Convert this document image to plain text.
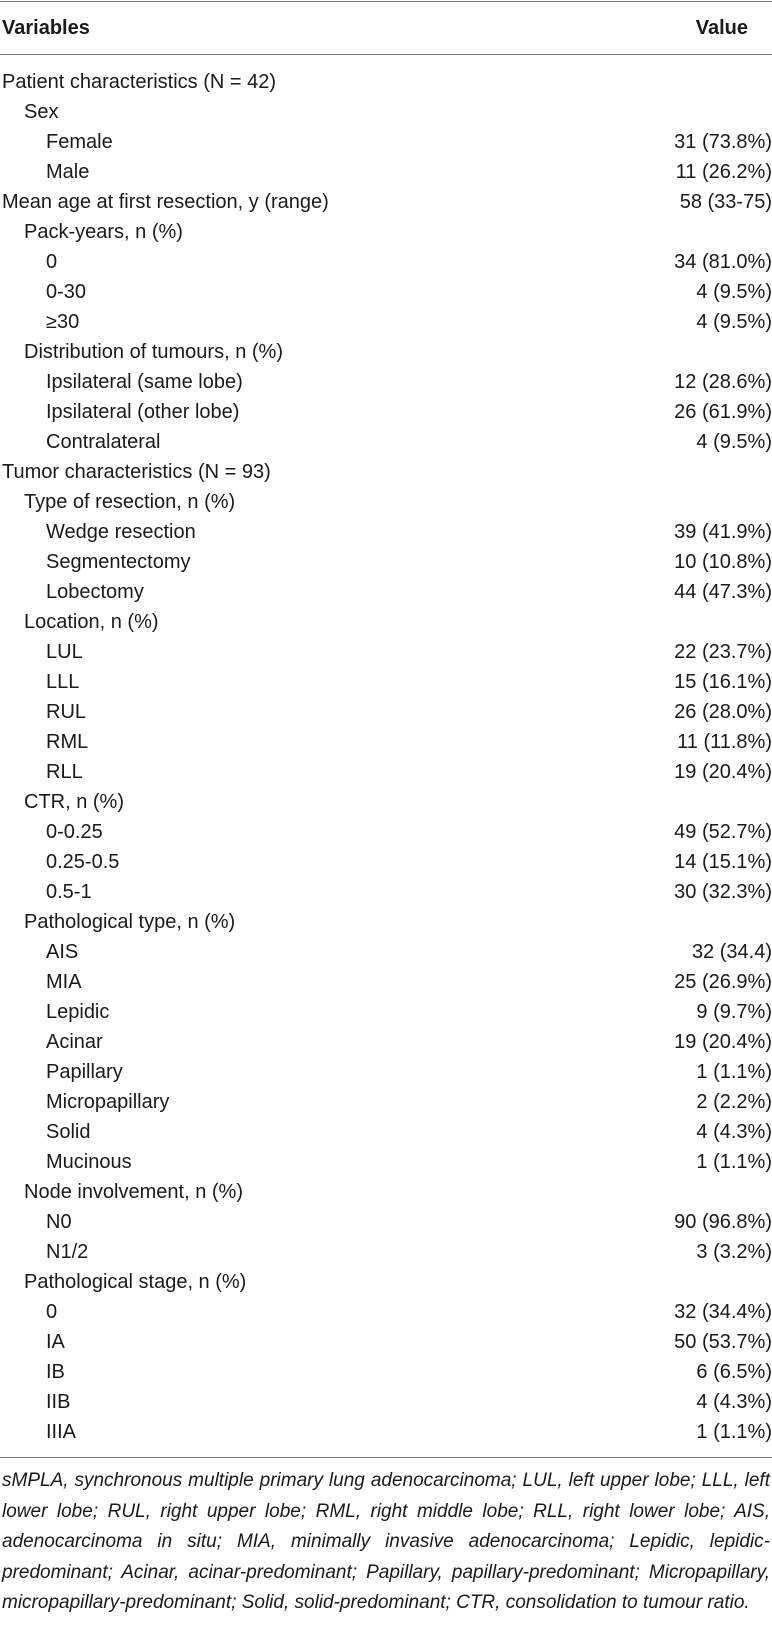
Variables	Value
Patient characteristics (N = 42)
Sex
Female	31 (73.8%)
Male	11 (26.2%)
Mean age at first resection, y (range)	58 (33-75)
Pack-years, n (%)
0	34 (81.0%)
0-30	4 (9.5%)
≥30	4 (9.5%)
Distribution of tumours, n (%)
Ipsilateral (same lobe)	12 (28.6%)
Ipsilateral (other lobe)	26 (61.9%)
Contralateral	4 (9.5%)
Tumor characteristics (N = 93)
Type of resection, n (%)
Wedge resection	39 (41.9%)
Segmentectomy	10 (10.8%)
Lobectomy	44 (47.3%)
Location, n (%)
LUL	22 (23.7%)
LLL	15 (16.1%)
RUL	26 (28.0%)
RML	11 (11.8%)
RLL	19 (20.4%)
CTR, n (%)
0-0.25	49 (52.7%)
0.25-0.5	14 (15.1%)
0.5-1	30 (32.3%)
Pathological type, n (%)
AIS	32 (34.4)
MIA	25 (26.9%)
Lepidic	9 (9.7%)
Acinar	19 (20.4%)
Papillary	1 (1.1%)
Micropapillary	2 (2.2%)
Solid	4 (4.3%)
Mucinous	1 (1.1%)
Node involvement, n (%)
N0	90 (96.8%)
N1/2	3 (3.2%)
Pathological stage, n (%)
0	32 (34.4%)
IA	50 (53.7%)
IB	6 (6.5%)
IIB	4 (4.3%)
IIIA	1 (1.1%)
sMPLA, synchronous multiple primary lung adenocarcinoma; LUL, left upper lobe; LLL, left lower lobe; RUL, right upper lobe; RML, right middle lobe; RLL, right lower lobe; AIS, adenocarcinoma in situ; MIA, minimally invasive adenocarcinoma; Lepidic, lepidic-predominant; Acinar, acinar-predominant; Papillary, papillary-predominant; Micropapillary, micropapillary-predominant; Solid, solid-predominant; CTR, consolidation to tumour ratio.
